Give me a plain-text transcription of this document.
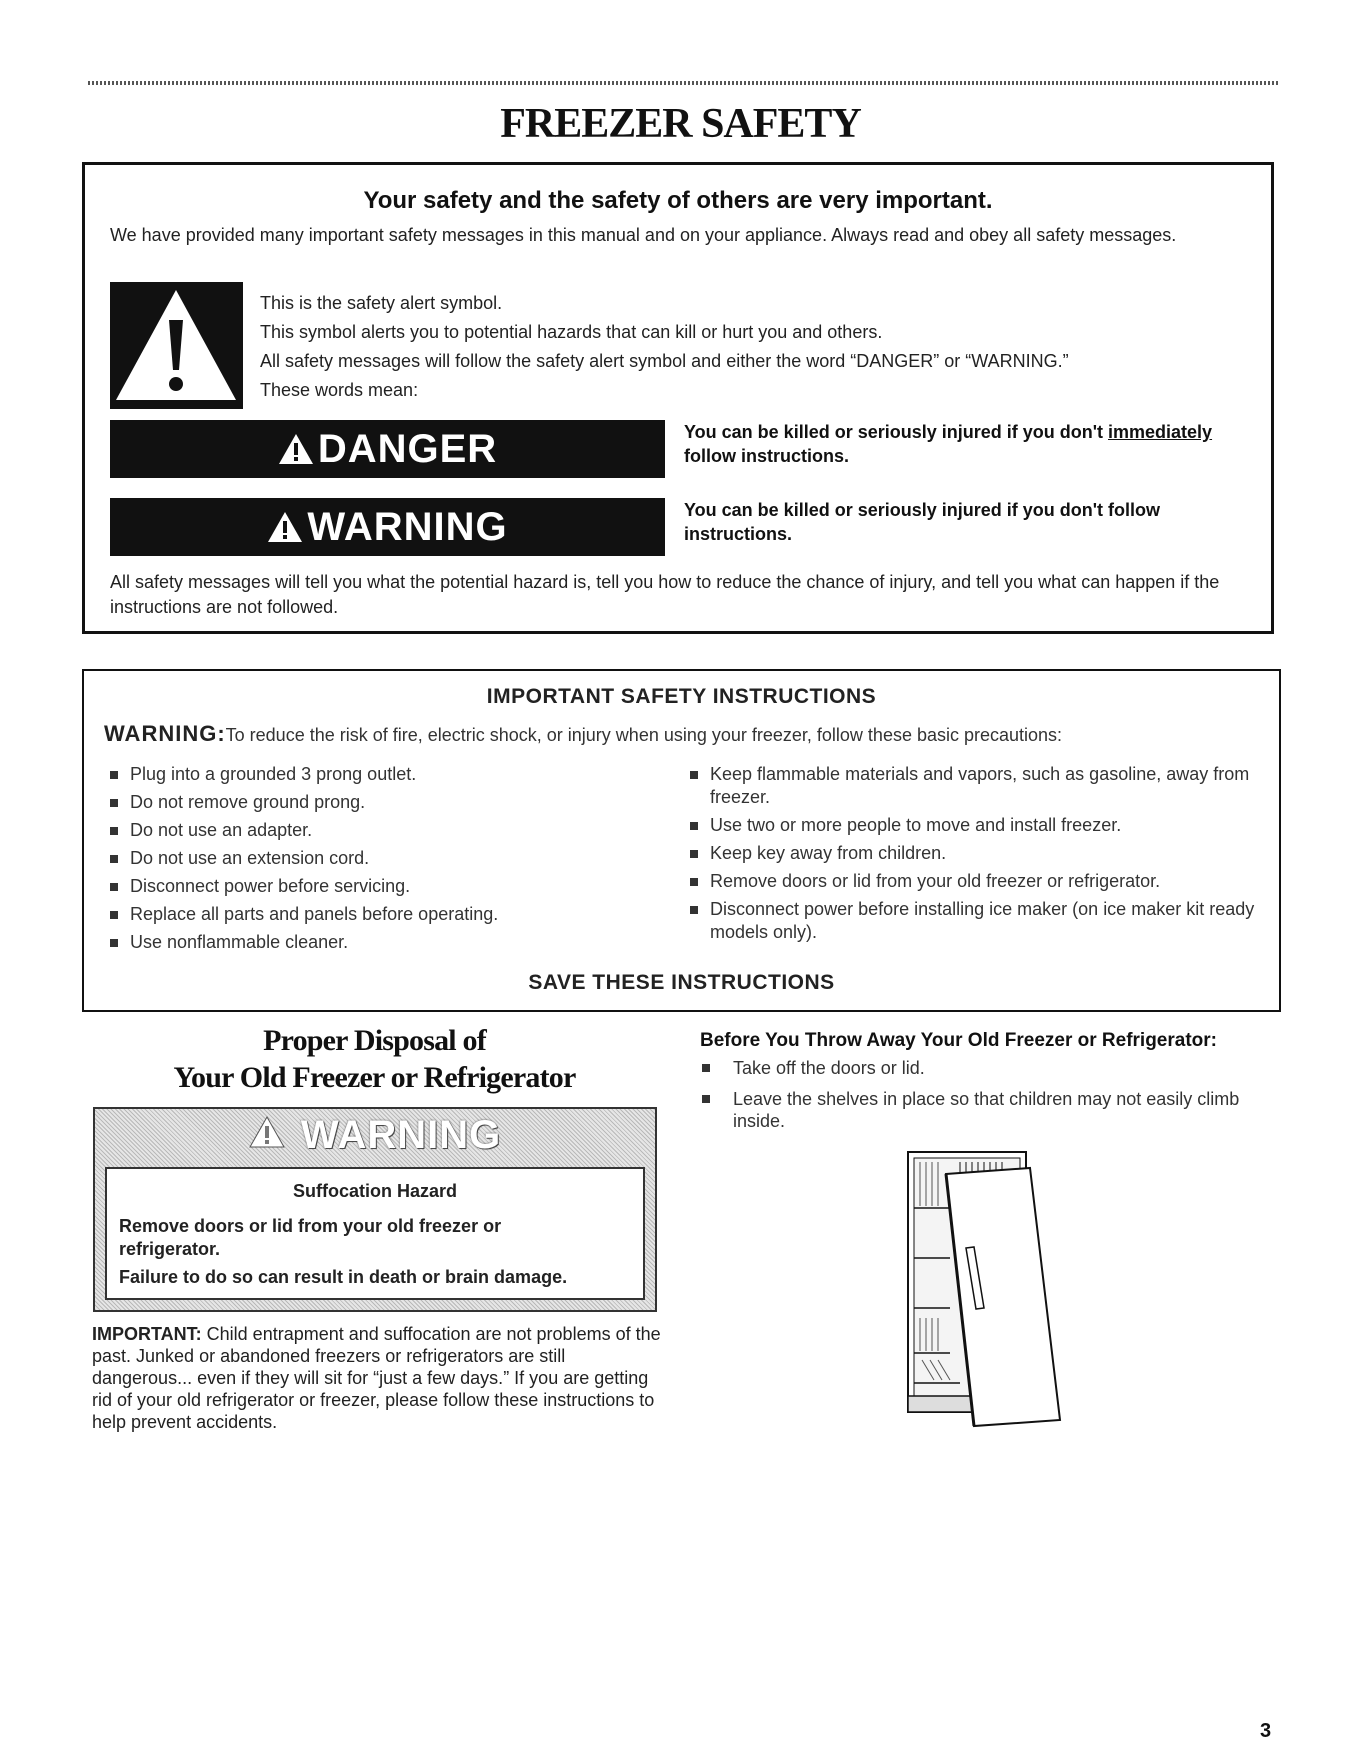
FREEZER SAFETY
Your safety and the safety of others are very important.
We have provided many important safety messages in this manual and on your appliance. Always read and obey all safety messages.
This is the safety alert symbol.
This symbol alerts you to potential hazards that can kill or hurt you and others.
All safety messages will follow the safety alert symbol and either the word “DANGER” or “WARNING.”
These words mean:
DANGER	You can be killed or seriously injured if you don't immediately follow instructions.
WARNING	You can be killed or seriously injured if you don't follow instructions.
All safety messages will tell you what the potential hazard is, tell you how to reduce the chance of injury, and tell you what can happen if the instructions are not followed.
IMPORTANT SAFETY INSTRUCTIONS
WARNING:To reduce the risk of fire, electric shock, or injury when using your freezer, follow these basic precautions:
Plug into a grounded 3 prong outlet.
Do not remove ground prong.
Do not use an adapter.
Do not use an extension cord.
Disconnect power before servicing.
Replace all parts and panels before operating.
Use nonflammable cleaner.
Keep flammable materials and vapors, such as gasoline, away from freezer.
Use two or more people to move and install freezer.
Keep key away from children.
Remove doors or lid from your old freezer or refrigerator.
Disconnect power before installing ice maker (on ice maker kit ready models only).
SAVE THESE INSTRUCTIONS
Proper Disposal of
Your Old Freezer or Refrigerator
WARNING
Suffocation Hazard
Remove doors or lid from your old freezer or refrigerator.
Failure to do so can result in death or brain damage.
IMPORTANT: Child entrapment and suffocation are not problems of the past. Junked or abandoned freezers or refrigerators are still dangerous... even if they will sit for “just a few days.” If you are getting rid of your old refrigerator or freezer, please follow these instructions to help prevent accidents.
Before You Throw Away Your Old Freezer or Refrigerator:
Take off the doors or lid.
Leave the shelves in place so that children may not easily climb inside.
3
